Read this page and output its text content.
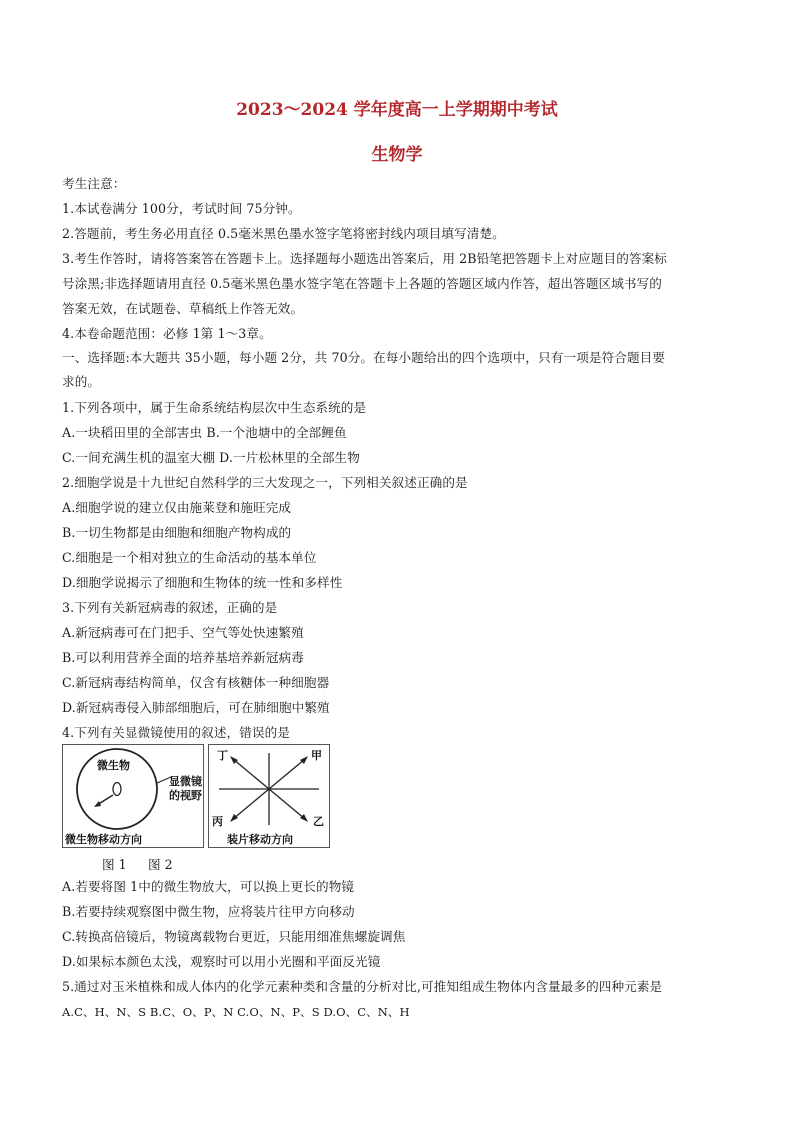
2023～2024 学年度高一上学期期中考试
生物学
考生注意：
1.本试卷满分 100分，考试时间 75分钟。
2.答题前，考生务必用直径 0.5毫米黑色墨水签字笔将密封线内项目填写清楚。
3.考生作答时，请将答案答在答题卡上。选择题每小题选出答案后，用 2B铅笔把答题卡上对应题目的答案标
号涂黑;非选择题请用直径 0.5毫米黑色墨水签字笔在答题卡上各题的答题区域内作答，超出答题区域书写的
答案无效，在试题卷、草稿纸上作答无效。
4.本卷命题范围：必修 1第 1～3章。
一、选择题:本大题共 35小题，每小题 2分，共 70分。在每小题给出的四个选项中，只有一项是符合题目要
求的。
1.下列各项中，属于生命系统结构层次中生态系统的是
A.一块稻田里的全部害虫 B.一个池塘中的全部鲤鱼
C.一间充满生机的温室大棚 D.一片松林里的全部生物
2.细胞学说是十九世纪自然科学的三大发现之一，下列相关叙述正确的是
A.细胞学说的建立仅由施莱登和施旺完成
B.一切生物都是由细胞和细胞产物构成的
C.细胞是一个相对独立的生命活动的基本单位
D.细胞学说揭示了细胞和生物体的统一性和多样性
3.下列有关新冠病毒的叙述，正确的是
A.新冠病毒可在门把手、空气等处快速繁殖
B.可以利用营养全面的培养基培养新冠病毒
C.新冠病毒结构简单，仅含有核糖体一种细胞器
D.新冠病毒侵入肺部细胞后，可在肺细胞中繁殖
4.下列有关显微镜使用的叙述，错误的是
微生物
显微镜
的视野
微生物移动方向
丁	甲
丙	乙
装片移动方向
图 1 图 2
A.若要将图 1中的微生物放大，可以换上更长的物镜
B.若要持续观察图中微生物，应将装片往甲方向移动
C.转换高倍镜后，物镜离载物台更近，只能用细准焦螺旋调焦
D.如果标本颜色太浅，观察时可以用小光圈和平面反光镜
5.通过对玉米植株和成人体内的化学元素种类和含量的分析对比,可推知组成生物体内含量最多的四种元素是
A.C、H、N、S B.C、O、P、N C.O、N、P、S D.O、C、N、H
